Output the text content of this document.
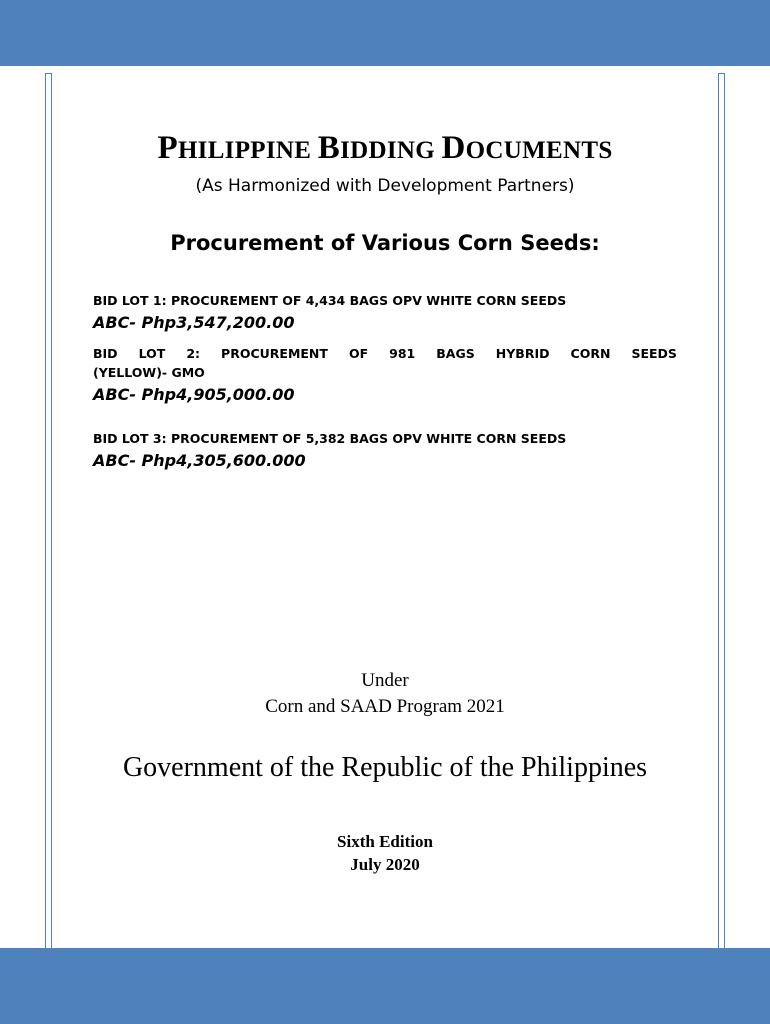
PHILIPPINE BIDDING DOCUMENTS
(As Harmonized with Development Partners)
Procurement of Various Corn Seeds:
BID LOT 1: PROCUREMENT OF 4,434 BAGS OPV WHITE CORN SEEDS
ABC- Php3,547,200.00
BID LOT 2: PROCUREMENT OF 981 BAGS HYBRID CORN SEEDS
(YELLOW)- GMO
ABC- Php4,905,000.00
BID LOT 3: PROCUREMENT OF 5,382 BAGS OPV WHITE CORN SEEDS
ABC- Php4,305,600.000
Under
Corn and SAAD Program 2021
Government of the Republic of the Philippines
Sixth Edition
July 2020
